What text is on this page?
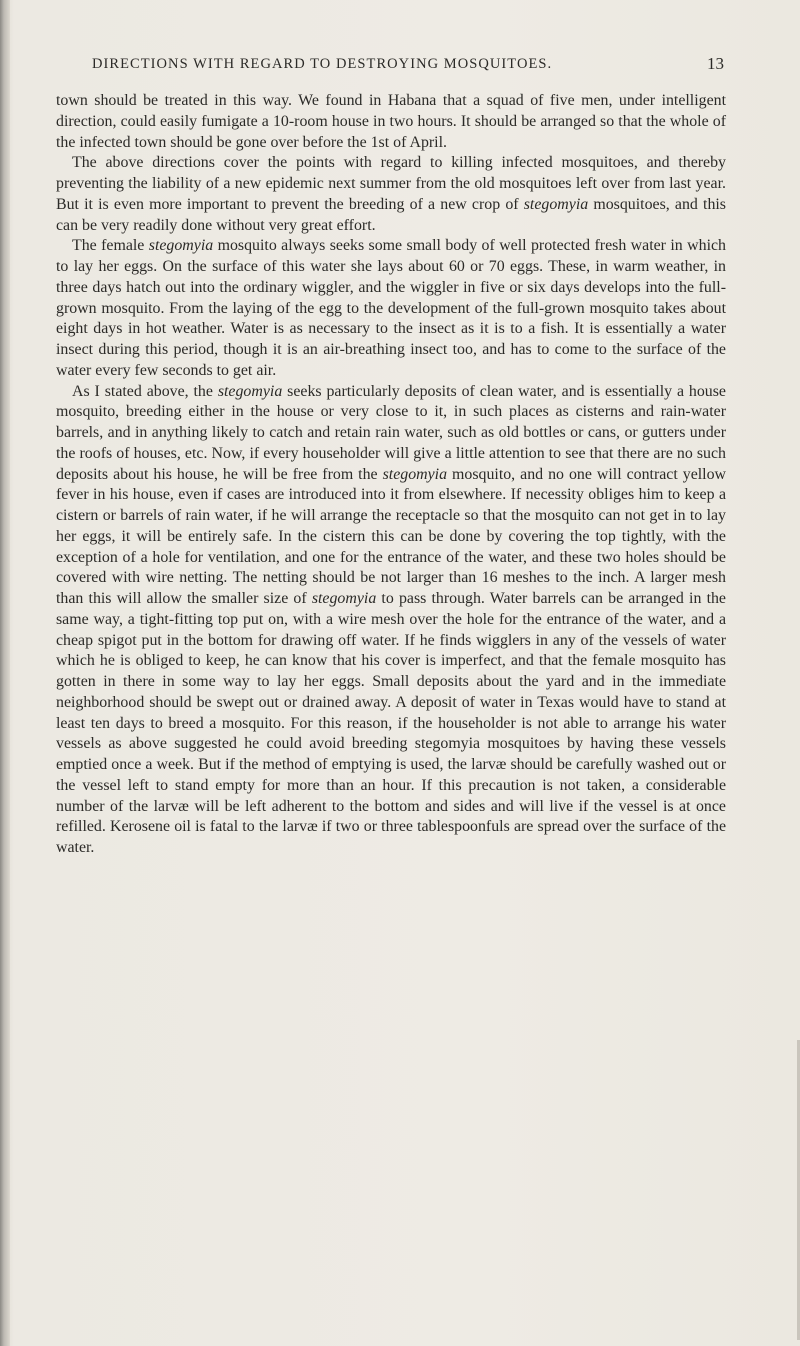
DIRECTIONS WITH REGARD TO DESTROYING MOSQUITOES.	13

town should be treated in this way. We found in Habana that a squad of five men, under intelligent direction, could easily fumigate a 10-room house in two hours. It should be arranged so that the whole of the infected town should be gone over before the 1st of April.

The above directions cover the points with regard to killing infected mosquitoes, and thereby preventing the liability of a new epidemic next summer from the old mosquitoes left over from last year. But it is even more important to prevent the breeding of a new crop of stegomyia mosquitoes, and this can be very readily done without very great effort.

The female stegomyia mosquito always seeks some small body of well protected fresh water in which to lay her eggs. On the surface of this water she lays about 60 or 70 eggs. These, in warm weather, in three days hatch out into the ordinary wiggler, and the wiggler in five or six days develops into the full-grown mosquito. From the laying of the egg to the development of the full-grown mosquito takes about eight days in hot weather. Water is as necessary to the insect as it is to a fish. It is essentially a water insect during this period, though it is an air-breathing insect too, and has to come to the surface of the water every few seconds to get air.

As I stated above, the stegomyia seeks particularly deposits of clean water, and is essentially a house mosquito, breeding either in the house or very close to it, in such places as cisterns and rain-water barrels, and in anything likely to catch and retain rain water, such as old bottles or cans, or gutters under the roofs of houses, etc. Now, if every householder will give a little attention to see that there are no such deposits about his house, he will be free from the stegomyia mosquito, and no one will contract yellow fever in his house, even if cases are introduced into it from elsewhere. If necessity obliges him to keep a cistern or barrels of rain water, if he will arrange the receptacle so that the mosquito can not get in to lay her eggs, it will be entirely safe. In the cistern this can be done by covering the top tightly, with the exception of a hole for ventilation, and one for the entrance of the water, and these two holes should be covered with wire netting. The netting should be not larger than 16 meshes to the inch. A larger mesh than this will allow the smaller size of stegomyia to pass through. Water barrels can be arranged in the same way, a tight-fitting top put on, with a wire mesh over the hole for the entrance of the water, and a cheap spigot put in the bottom for drawing off water. If he finds wigglers in any of the vessels of water which he is obliged to keep, he can know that his cover is imperfect, and that the female mosquito has gotten in there in some way to lay her eggs. Small deposits about the yard and in the immediate neighborhood should be swept out or drained away. A deposit of water in Texas would have to stand at least ten days to breed a mosquito. For this reason, if the householder is not able to arrange his water vessels as above suggested he could avoid breeding stegomyia mosquitoes by having these vessels emptied once a week. But if the method of emptying is used, the larvæ should be carefully washed out or the vessel left to stand empty for more than an hour. If this precaution is not taken, a considerable number of the larvæ will be left adherent to the bottom and sides and will live if the vessel is at once refilled. Kerosene oil is fatal to the larvæ if two or three tablespoonfuls are spread over the surface of the water.
